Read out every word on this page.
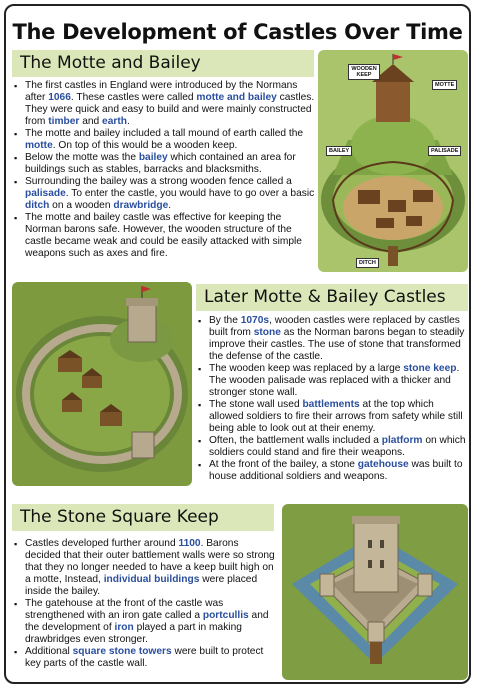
The Development of Castles Over Time
The Motte and Bailey
▪ The first castles in England were introduced by the Normans after 1066. These castles were called motte and bailey castles. They were quick and easy to build and were mainly constructed from timber and earth.
▪ The motte and bailey included a tall mound of earth called the motte. On top of this would be a wooden keep.
▪ Below the motte was the bailey which contained an area for buildings such as stables, barracks and blacksmiths.
▪ Surrounding the bailey was a strong wooden fence called a palisade. To enter the castle, you would have to go over a basic ditch on a wooden drawbridge.
▪ The motte and bailey castle was effective for keeping the Norman barons safe. However, the wooden structure of the castle became weak and could be easily attacked with simple weapons such as axes and fire.
WOODEN KEEP
MOTTE
BAILEY	PALISADE
DITCH
Later Motte & Bailey Castles
▪ By the 1070s, wooden castles were replaced by castles built from stone as the Norman barons began to steadily improve their castles. The use of stone that transformed the defense of the castle.
▪ The wooden keep was replaced by a large stone keep. The wooden palisade was replaced with a thicker and stronger stone wall.
▪ The stone wall used battlements at the top which allowed soldiers to fire their arrows from safety while still being able to look out at their enemy.
▪ Often, the battlement walls included a platform on which soldiers could stand and fire their weapons.
▪ At the front of the bailey, a stone gatehouse was built to house additional soldiers and weapons.
The Stone Square Keep
▪ Castles developed further around 1100. Barons decided that their outer battlement walls were so strong that they no longer needed to have a keep built high on a motte, Instead, individual buildings were placed inside the bailey.
▪ The gatehouse at the front of the castle was strengthened with an iron gate called a portcullis and the development of iron played a part in making drawbridges even stronger.
▪ Additional square stone towers were built to protect key parts of the castle wall.
